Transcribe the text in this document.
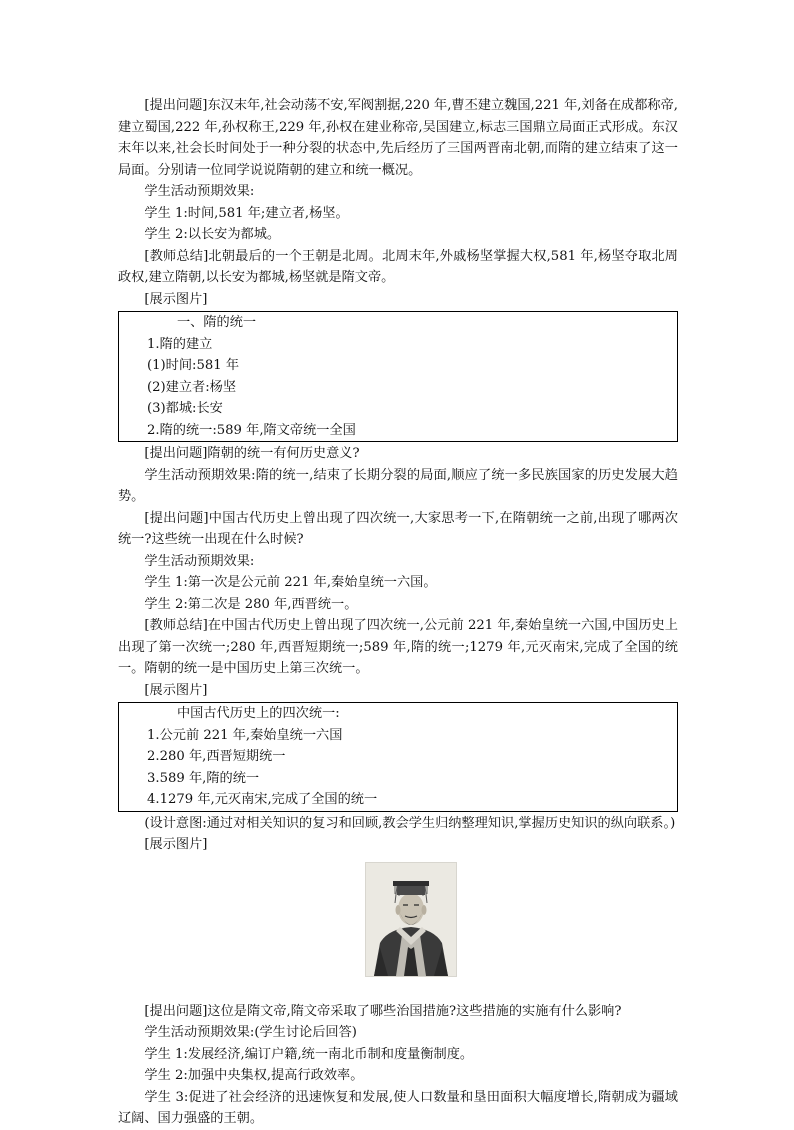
[提出问题]东汉末年,社会动荡不安,军阀割据,220 年,曹丕建立魏国,221 年,刘备在成都称帝,建立蜀国,222 年,孙权称王,229 年,孙权在建业称帝,吴国建立,标志三国鼎立局面正式形成。东汉末年以来,社会长时间处于一种分裂的状态中,先后经历了三国两晋南北朝,而隋的建立结束了这一局面。分别请一位同学说说隋朝的建立和统一概况。

学生活动预期效果:

学生 1:时间,581 年;建立者,杨坚。

学生 2:以长安为都城。

[教师总结]北朝最后的一个王朝是北周。北周末年,外戚杨坚掌握大权,581 年,杨坚夺取北周政权,建立隋朝,以长安为都城,杨坚就是隋文帝。

[展示图片]

一、隋的统一
1.隋的建立
(1)时间:581 年
(2)建立者:杨坚
(3)都城:长安
2.隋的统一:589 年,隋文帝统一全国

[提出问题]隋朝的统一有何历史意义?

学生活动预期效果:隋的统一,结束了长期分裂的局面,顺应了统一多民族国家的历史发展大趋势。

[提出问题]中国古代历史上曾出现了四次统一,大家思考一下,在隋朝统一之前,出现了哪两次统一?这些统一出现在什么时候?

学生活动预期效果:

学生 1:第一次是公元前 221 年,秦始皇统一六国。

学生 2:第二次是 280 年,西晋统一。

[教师总结]在中国古代历史上曾出现了四次统一,公元前 221 年,秦始皇统一六国,中国历史上出现了第一次统一;280 年,西晋短期统一;589 年,隋的统一;1279 年,元灭南宋,完成了全国的统一。隋朝的统一是中国历史上第三次统一。

[展示图片]

中国古代历史上的四次统一:
1.公元前 221 年,秦始皇统一六国
2.280 年,西晋短期统一
3.589 年,隋的统一
4.1279 年,元灭南宋,完成了全国的统一

(设计意图:通过对相关知识的复习和回顾,教会学生归纳整理知识,掌握历史知识的纵向联系。)

[展示图片]

[提出问题]这位是隋文帝,隋文帝采取了哪些治国措施?这些措施的实施有什么影响?

学生活动预期效果:(学生讨论后回答)

学生 1:发展经济,编订户籍,统一南北币制和度量衡制度。

学生 2:加强中央集权,提高行政效率。

学生 3:促进了社会经济的迅速恢复和发展,使人口数量和垦田面积大幅度增长,隋朝成为疆域辽阔、国力强盛的王朝。
